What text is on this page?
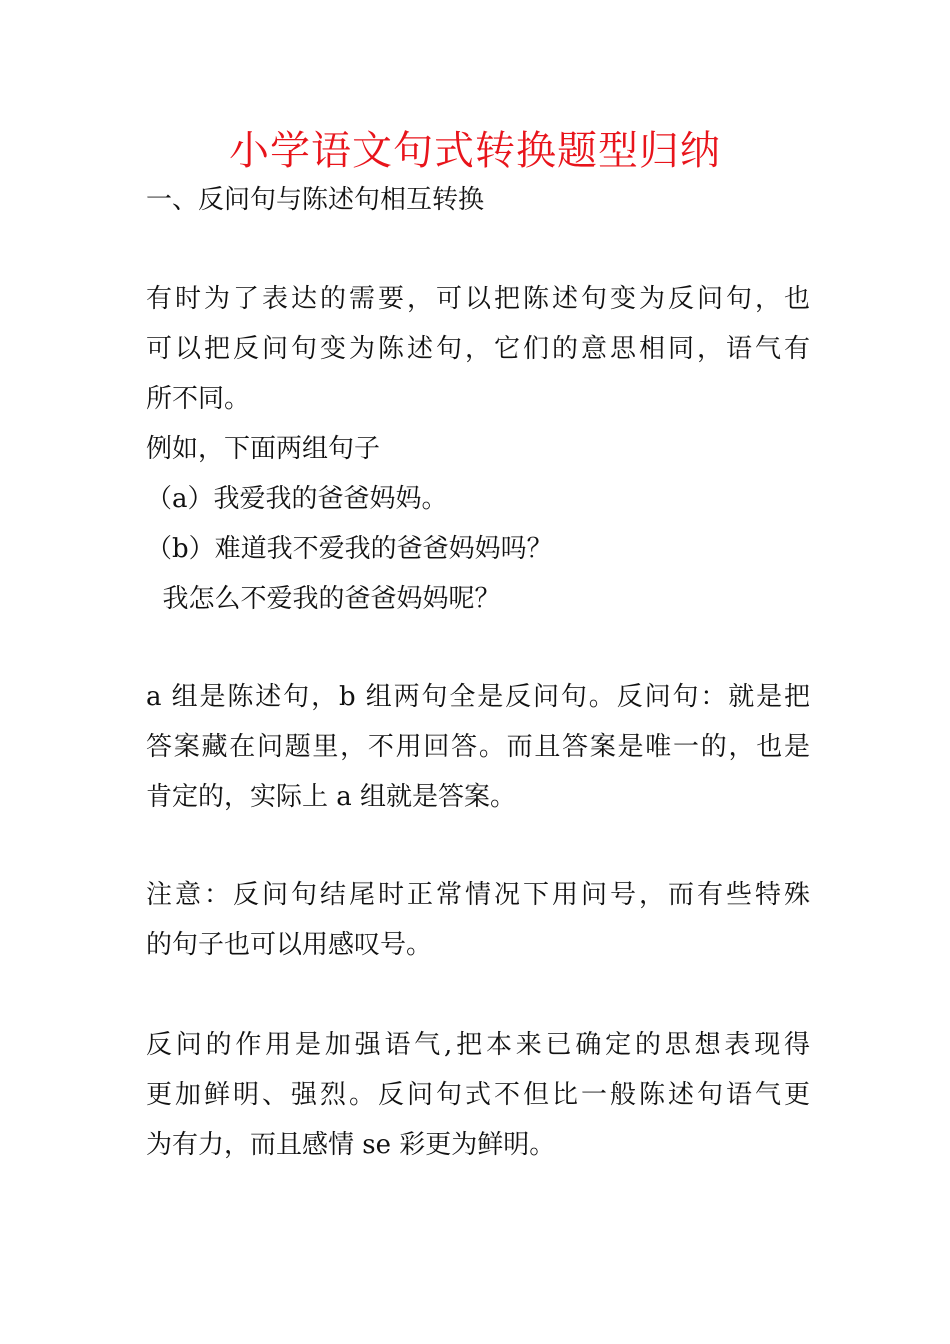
小学语文句式转换题型归纳
一、反问句与陈述句相互转换
有时为了表达的需要，可以把陈述句变为反问句，也
可以把反问句变为陈述句，它们的意思相同，语气有
所不同。
例如，下面两组句子
（a）我爱我的爸爸妈妈。
（b）难道我不爱我的爸爸妈妈吗？
我怎么不爱我的爸爸妈妈呢？
a 组是陈述句，b 组两句全是反问句。反问句：就是把
答案藏在问题里，不用回答。而且答案是唯一的，也是
肯定的，实际上 a 组就是答案。
注意：反问句结尾时正常情况下用问号，而有些特殊
的句子也可以用感叹号。
反问的作用是加强语气,把本来已确定的思想表现得
更加鲜明、强烈。反问句式不但比一般陈述句语气更
为有力，而且感情 se 彩更为鲜明。
